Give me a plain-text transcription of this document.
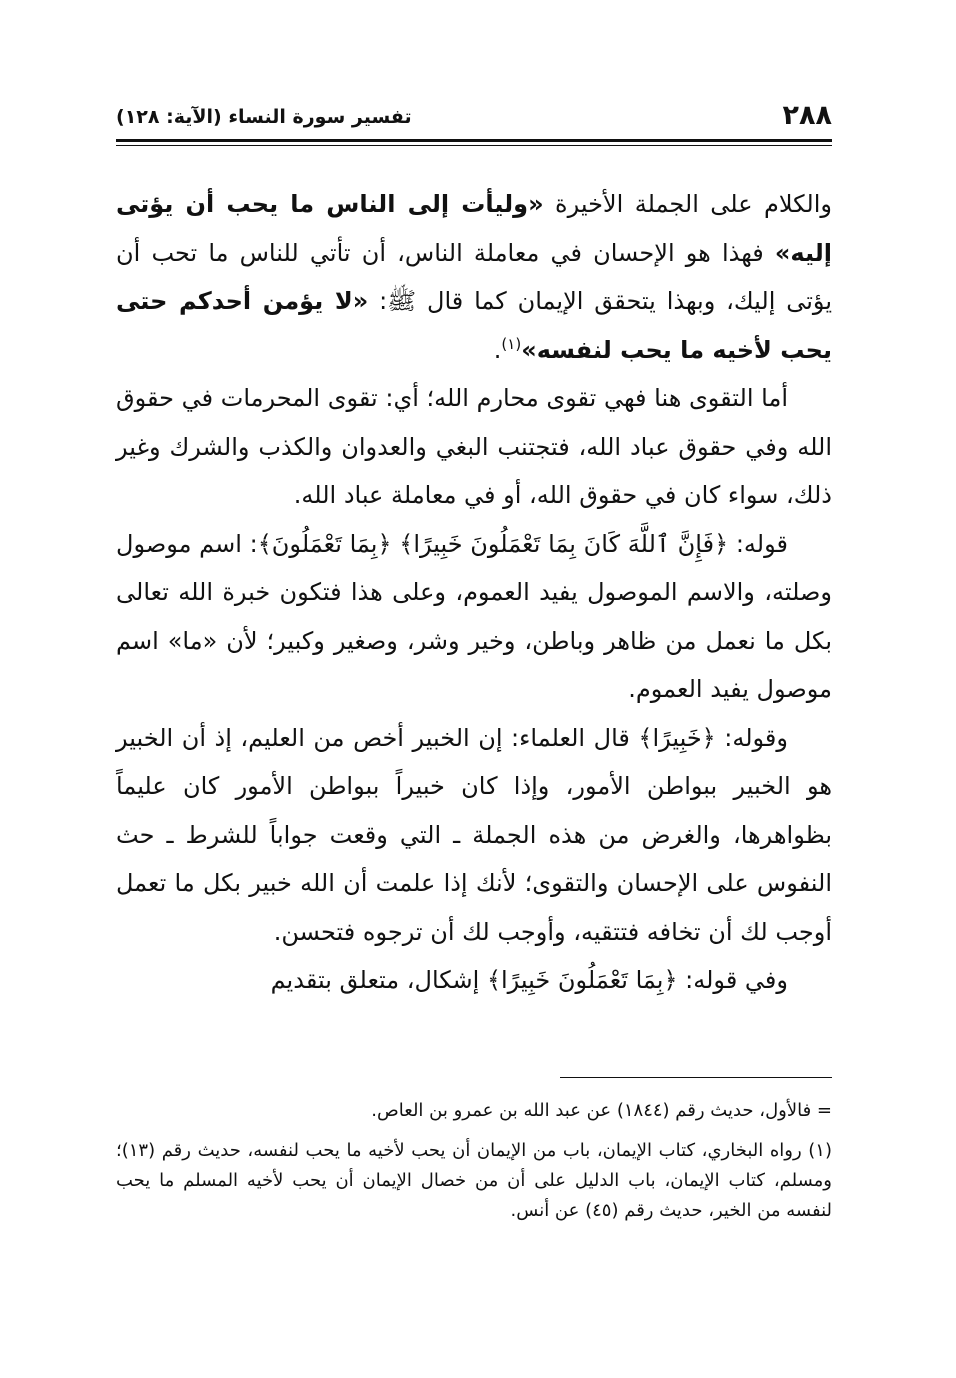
٢٨٨
تفسير سورة النساء (الآية: ١٢٨)

والكلام على الجملة الأخيرة «وليأت إلى الناس ما يحب أن يؤتى إليه» فهذا هو الإحسان في معاملة الناس، أن تأتي للناس ما تحب أن يؤتى إليك، وبهذا يتحقق الإيمان كما قال ﷺ: «لا يؤمن أحدكم حتى يحب لأخيه ما يحب لنفسه»$^{(١)}$.

أما التقوى هنا فهي تقوى محارم الله؛ أي: تقوى المحرمات في حقوق الله وفي حقوق عباد الله، فتجتنب البغي والعدوان والكذب والشرك وغير ذلك، سواء كان في حقوق الله، أو في معاملة عباد الله.

قوله: ﴿فَإِنَّ ٱللَّهَ كَانَ بِمَا تَعْمَلُونَ خَبِيرًا﴾ ﴿بِمَا تَعْمَلُونَ﴾: اسم موصول وصلته، والاسم الموصول يفيد العموم، وعلى هذا فتكون خبرة الله تعالى بكل ما نعمل من ظاهر وباطن، وخير وشر، وصغير وكبير؛ لأن «ما» اسم موصول يفيد العموم.

وقوله: ﴿خَبِيرًا﴾ قال العلماء: إن الخبير أخص من العليم، إذ أن الخبير هو الخبير ببواطن الأمور، وإذا كان خبيراً ببواطن الأمور كان عليماً بظواهرها، والغرض من هذه الجملة ـ التي وقعت جواباً للشرط ـ حث النفوس على الإحسان والتقوى؛ لأنك إذا علمت أن الله خبير بكل ما تعمل أوجب لك أن تخافه فتتقيه، وأوجب لك أن ترجوه فتحسن.

وفي قوله: ﴿بِمَا تَعْمَلُونَ خَبِيرًا﴾ إشكال، متعلق بتقديم

= فالأول، حديث رقم (١٨٤٤) عن عبد الله بن عمرو بن العاص.

(١) رواه البخاري، كتاب الإيمان، باب من الإيمان أن يحب لأخيه ما يحب لنفسه، حديث رقم (١٣)؛ ومسلم، كتاب الإيمان، باب الدليل على أن من خصال الإيمان أن يحب لأخيه المسلم ما يحب لنفسه من الخير، حديث رقم (٤٥) عن أنس.
